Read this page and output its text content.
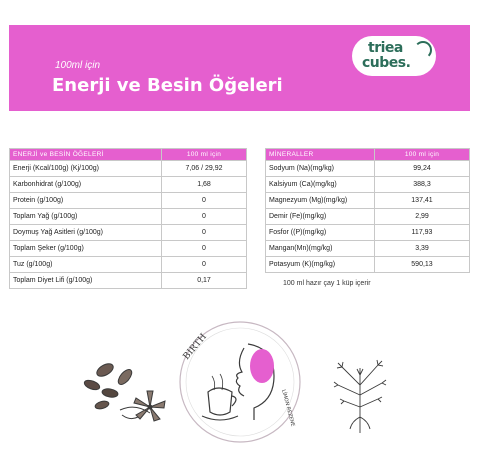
100ml için
Enerji ve Besin Öğeleri
triea
cubes.
ENERJİ ve BESİN ÖĞELERİ	100 ml için
Enerji (Kcal/100g) (Kj/100g)	7,06 / 29,92
Karbonhidrat (g/100g)	1,68
Protein (g/100g)	0
Toplam Yağ (g/100g)	0
Doymuş Yağ Asitleri (g/100g)	0
Toplam Şeker (g/100g)	0
Tuz (g/100g)	0
Toplam Diyet Lifi (g/100g)	0,17
MİNERALLER	100 ml için
Sodyum (Na)(mg/kg)	99,24
Kalsiyum (Ca)(mg/kg)	388,3
Magnezyum (Mg)(mg/kg)	137,41
Demir (Fe)(mg/kg)	2,99
Fosfor ((P)(mg/kg)	117,93
Mangan(Mn)(mg/kg)	3,39
Potasyum (K)(mg/kg)	590,13
100 ml hazır çay 1 küp içerir
BIRTH
LİMON REZENE
